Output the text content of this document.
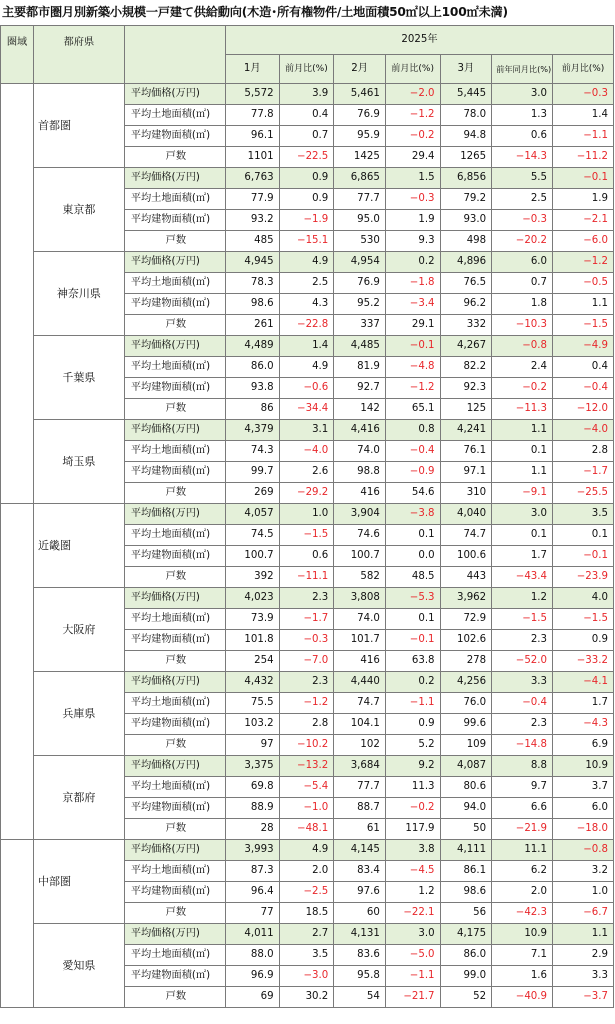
主要都市圏月別新築小規模一戸建て供給動向(木造･所有権物件/土地面積50㎡以上100㎡未満)
圏域	都府県		2025年						
			1月	前月比(%)	2月	前月比(%)	3月	前年同月比(%)	前月比(%)
	首都圏	平均価格(万円)	5,572	3.9	5,461	−2.0	5,445	3.0	−0.3
		平均土地面積(㎡)	77.8	0.4	76.9	−1.2	78.0	1.3	1.4
		平均建物面積(㎡)	96.1	0.7	95.9	−0.2	94.8	0.6	−1.1
		戸数	1101	−22.5	1425	29.4	1265	−14.3	−11.2
	東京都	平均価格(万円)	6,763	0.9	6,865	1.5	6,856	5.5	−0.1
		平均土地面積(㎡)	77.9	0.9	77.7	−0.3	79.2	2.5	1.9
		平均建物面積(㎡)	93.2	−1.9	95.0	1.9	93.0	−0.3	−2.1
		戸数	485	−15.1	530	9.3	498	−20.2	−6.0
	神奈川県	平均価格(万円)	4,945	4.9	4,954	0.2	4,896	6.0	−1.2
		平均土地面積(㎡)	78.3	2.5	76.9	−1.8	76.5	0.7	−0.5
		平均建物面積(㎡)	98.6	4.3	95.2	−3.4	96.2	1.8	1.1
		戸数	261	−22.8	337	29.1	332	−10.3	−1.5
	千葉県	平均価格(万円)	4,489	1.4	4,485	−0.1	4,267	−0.8	−4.9
		平均土地面積(㎡)	86.0	4.9	81.9	−4.8	82.2	2.4	0.4
		平均建物面積(㎡)	93.8	−0.6	92.7	−1.2	92.3	−0.2	−0.4
		戸数	86	−34.4	142	65.1	125	−11.3	−12.0
	埼玉県	平均価格(万円)	4,379	3.1	4,416	0.8	4,241	1.1	−4.0
		平均土地面積(㎡)	74.3	−4.0	74.0	−0.4	76.1	0.1	2.8
		平均建物面積(㎡)	99.7	2.6	98.8	−0.9	97.1	1.1	−1.7
		戸数	269	−29.2	416	54.6	310	−9.1	−25.5
	近畿圏	平均価格(万円)	4,057	1.0	3,904	−3.8	4,040	3.0	3.5
		平均土地面積(㎡)	74.5	−1.5	74.6	0.1	74.7	0.1	0.1
		平均建物面積(㎡)	100.7	0.6	100.7	0.0	100.6	1.7	−0.1
		戸数	392	−11.1	582	48.5	443	−43.4	−23.9
	大阪府	平均価格(万円)	4,023	2.3	3,808	−5.3	3,962	1.2	4.0
		平均土地面積(㎡)	73.9	−1.7	74.0	0.1	72.9	−1.5	−1.5
		平均建物面積(㎡)	101.8	−0.3	101.7	−0.1	102.6	2.3	0.9
		戸数	254	−7.0	416	63.8	278	−52.0	−33.2
	兵庫県	平均価格(万円)	4,432	2.3	4,440	0.2	4,256	3.3	−4.1
		平均土地面積(㎡)	75.5	−1.2	74.7	−1.1	76.0	−0.4	1.7
		平均建物面積(㎡)	103.2	2.8	104.1	0.9	99.6	2.3	−4.3
		戸数	97	−10.2	102	5.2	109	−14.8	6.9
	京都府	平均価格(万円)	3,375	−13.2	3,684	9.2	4,087	8.8	10.9
		平均土地面積(㎡)	69.8	−5.4	77.7	11.3	80.6	9.7	3.7
		平均建物面積(㎡)	88.9	−1.0	88.7	−0.2	94.0	6.6	6.0
		戸数	28	−48.1	61	117.9	50	−21.9	−18.0
	中部圏	平均価格(万円)	3,993	4.9	4,145	3.8	4,111	11.1	−0.8
		平均土地面積(㎡)	87.3	2.0	83.4	−4.5	86.1	6.2	3.2
		平均建物面積(㎡)	96.4	−2.5	97.6	1.2	98.6	2.0	1.0
		戸数	77	18.5	60	−22.1	56	−42.3	−6.7
	愛知県	平均価格(万円)	4,011	2.7	4,131	3.0	4,175	10.9	1.1
		平均土地面積(㎡)	88.0	3.5	83.6	−5.0	86.0	7.1	2.9
		平均建物面積(㎡)	96.9	−3.0	95.8	−1.1	99.0	1.6	3.3
		戸数	69	30.2	54	−21.7	52	−40.9	−3.7
